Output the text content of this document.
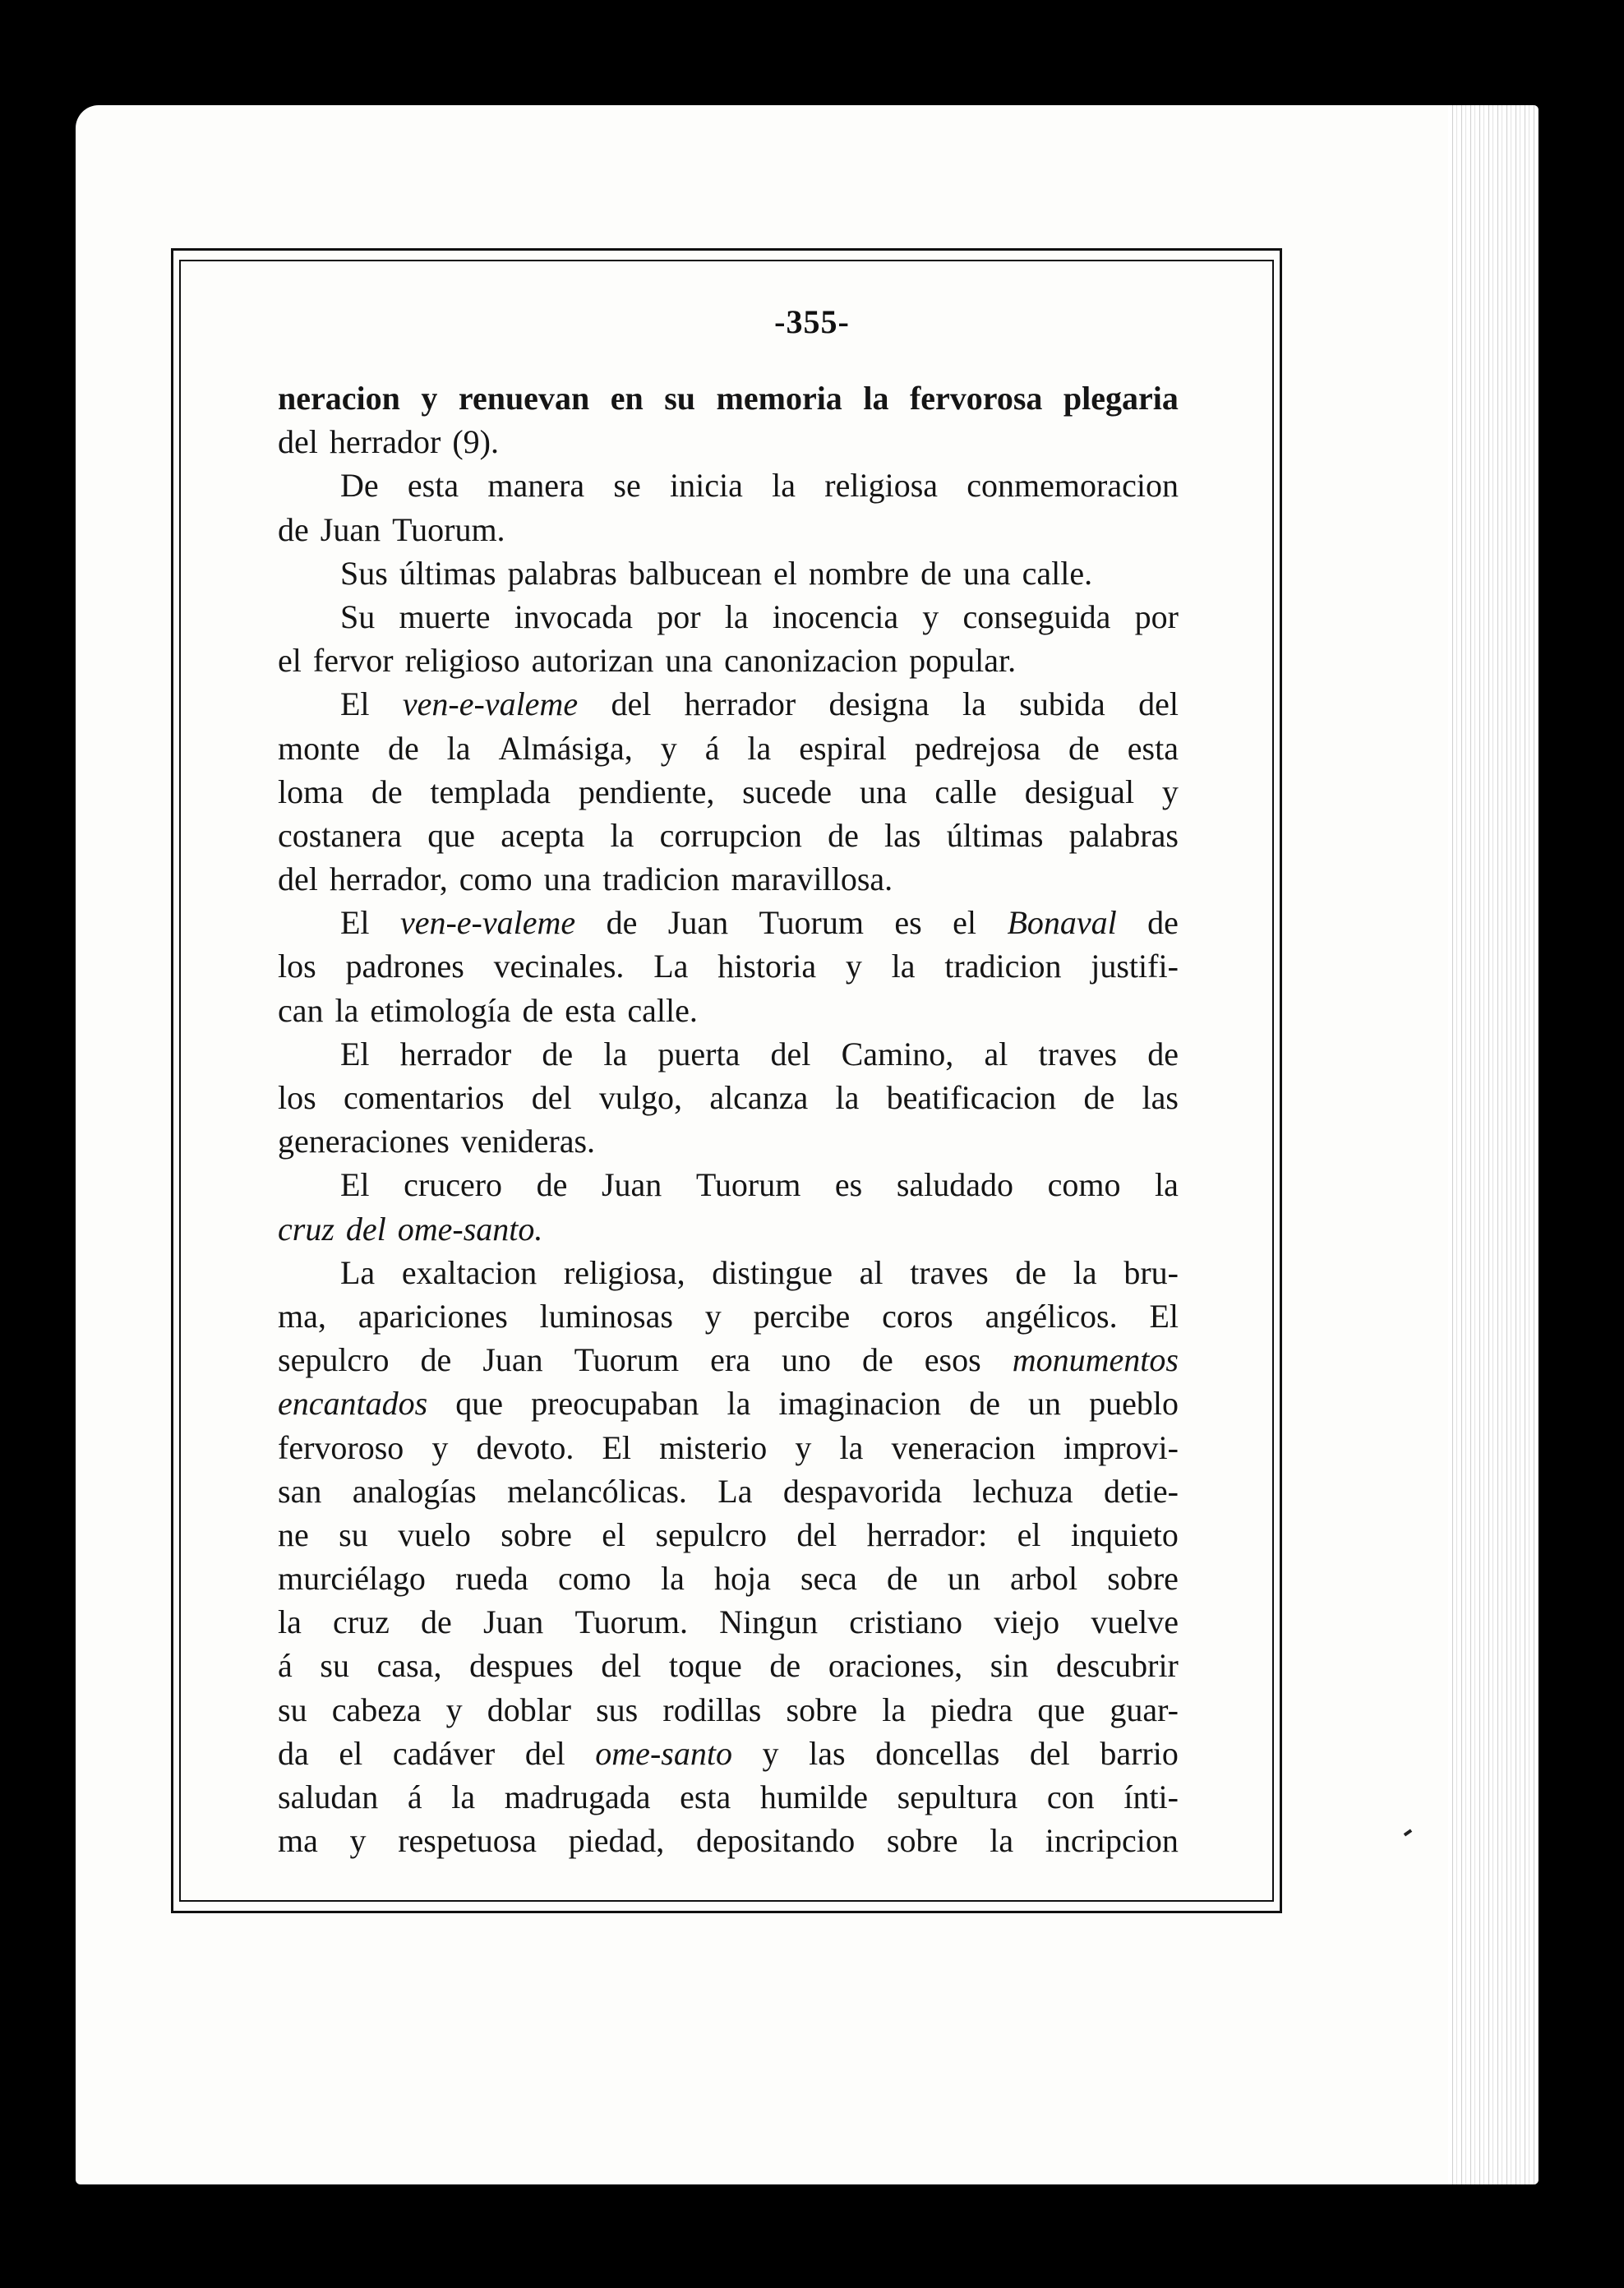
-355-
neracion y renuevan en su memoria la fervorosa plegaria
del herrador (9).
De esta manera se inicia la religiosa conmemoracion
de Juan Tuorum.
Sus últimas palabras balbucean el nombre de una calle.
Su muerte invocada por la inocencia y conseguida por
el fervor religioso autorizan una canonizacion popular.
El ven-e-valeme del herrador designa la subida del
monte de la Almásiga, y á la espiral pedrejosa de esta
loma de templada pendiente, sucede una calle desigual y
costanera que acepta la corrupcion de las últimas palabras
del herrador, como una tradicion maravillosa.
El ven-e-valeme de Juan Tuorum es el Bonaval de
los padrones vecinales. La historia y la tradicion justifi-
can la etimología de esta calle.
El herrador de la puerta del Camino, al traves de
los comentarios del vulgo, alcanza la beatificacion de las
generaciones venideras.
El crucero de Juan Tuorum es saludado como la
cruz del ome-santo.
La exaltacion religiosa, distingue al traves de la bru-
ma, apariciones luminosas y percibe coros angélicos. El
sepulcro de Juan Tuorum era uno de esos monumentos
encantados que preocupaban la imaginacion de un pueblo
fervoroso y devoto. El misterio y la veneracion improvi-
san analogías melancólicas. La despavorida lechuza detie-
ne su vuelo sobre el sepulcro del herrador: el inquieto
murciélago rueda como la hoja seca de un arbol sobre
la cruz de Juan Tuorum. Ningun cristiano viejo vuelve
á su casa, despues del toque de oraciones, sin descubrir
su cabeza y doblar sus rodillas sobre la piedra que guar-
da el cadáver del ome-santo y las doncellas del barrio
saludan á la madrugada esta humilde sepultura con ínti-
ma y respetuosa piedad, depositando sobre la incripcion
